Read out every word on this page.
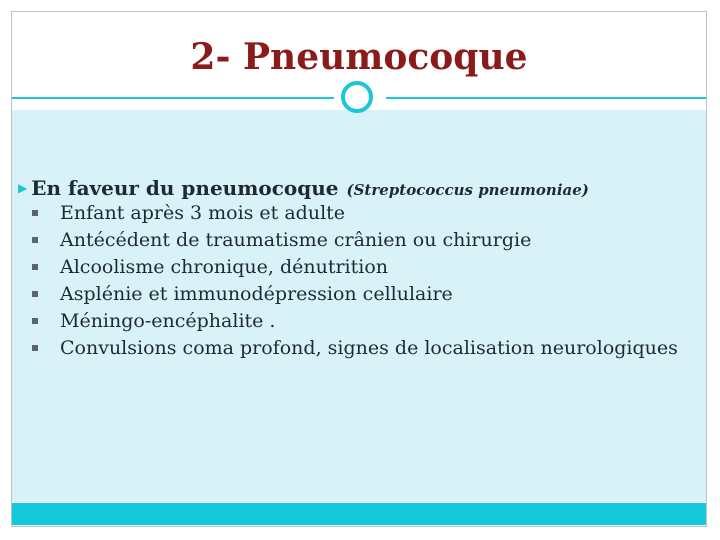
2- Pneumocoque
▶ En faveur du pneumocoque (Streptococcus pneumoniae)
Enfant après 3 mois et adulte
Antécédent de traumatisme crânien ou chirurgie
Alcoolisme chronique, dénutrition
Asplénie et immunodépression cellulaire
Méningo-encéphalite .
Convulsions coma profond, signes de localisation neurologiques
